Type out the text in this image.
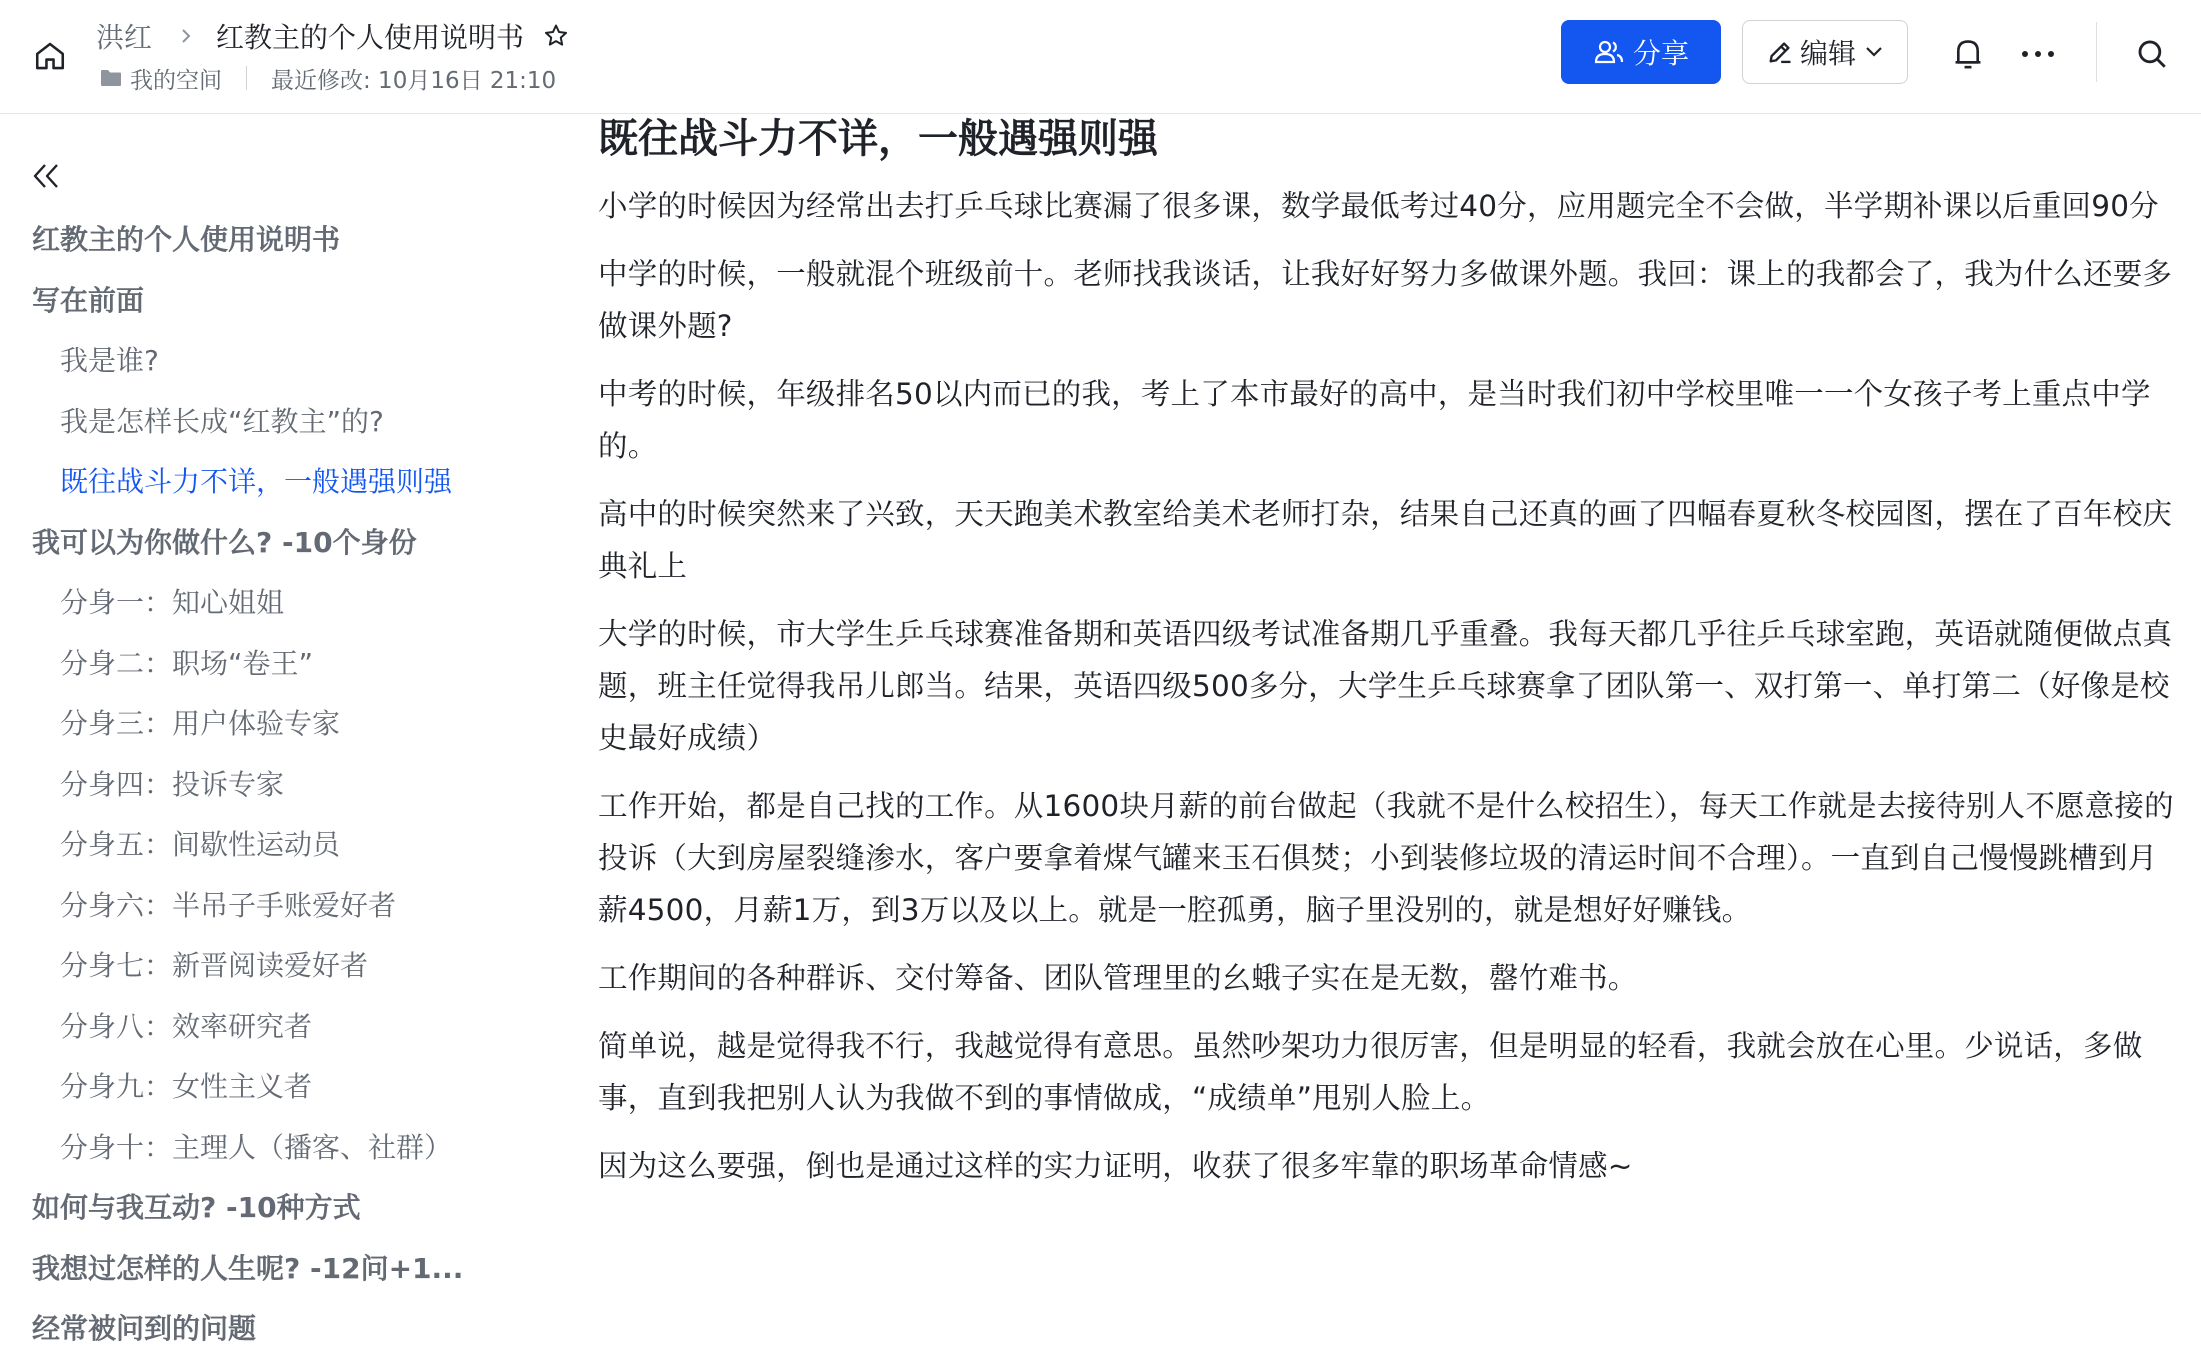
洪红 红教主的个人使用说明书
我的空间 最近修改: 10月16日 21:10
分享	编辑
红教主的个人使用说明书
写在前面
我是谁?
我是怎样长成“红教主”的?
既往战斗力不详，一般遇强则强
我可以为你做什么? -10个身份
分身一：知心姐姐
分身二：职场“卷王”
分身三：用户体验专家
分身四：投诉专家
分身五：间歇性运动员
分身六：半吊子手账爱好者
分身七：新晋阅读爱好者
分身八：效率研究者
分身九：女性主义者
分身十：主理人（播客、社群）
如何与我互动? -10种方式
我想过怎样的人生呢? -12问+1...
经常被问到的问题
既往战斗力不详，一般遇强则强

小学的时候因为经常出去打乒乓球比赛漏了很多课，数学最低考过40分，应用题完全不会做，半学期补课以后重回90分

中学的时候，一般就混个班级前十。老师找我谈话，让我好好努力多做课外题。我回：课上的我都会了，我为什么还要多做课外题?

中考的时候，年级排名50以内而已的我，考上了本市最好的高中，是当时我们初中学校里唯一一个女孩子考上重点中学的。

高中的时候突然来了兴致，天天跑美术教室给美术老师打杂，结果自己还真的画了四幅春夏秋冬校园图，摆在了百年校庆典礼上

大学的时候，市大学生乒乓球赛准备期和英语四级考试准备期几乎重叠。我每天都几乎往乒乓球室跑，英语就随便做点真题，班主任觉得我吊儿郎当。结果，英语四级500多分，大学生乒乓球赛拿了团队第一、双打第一、单打第二（好像是校史最好成绩）

工作开始，都是自己找的工作。从1600块月薪的前台做起（我就不是什么校招生），每天工作就是去接待别人不愿意接的投诉（大到房屋裂缝渗水，客户要拿着煤气罐来玉石俱焚；小到装修垃圾的清运时间不合理）。一直到自己慢慢跳槽到月薪4500，月薪1万，到3万以及以上。就是一腔孤勇，脑子里没别的，就是想好好赚钱。

工作期间的各种群诉、交付筹备、团队管理里的幺蛾子实在是无数，罄竹难书。

简单说，越是觉得我不行，我越觉得有意思。虽然吵架功力很厉害，但是明显的轻看，我就会放在心里。少说话，多做事，直到我把别人认为我做不到的事情做成，“成绩单”甩别人脸上。

因为这么要强，倒也是通过这样的实力证明，收获了很多牢靠的职场革命情感~
